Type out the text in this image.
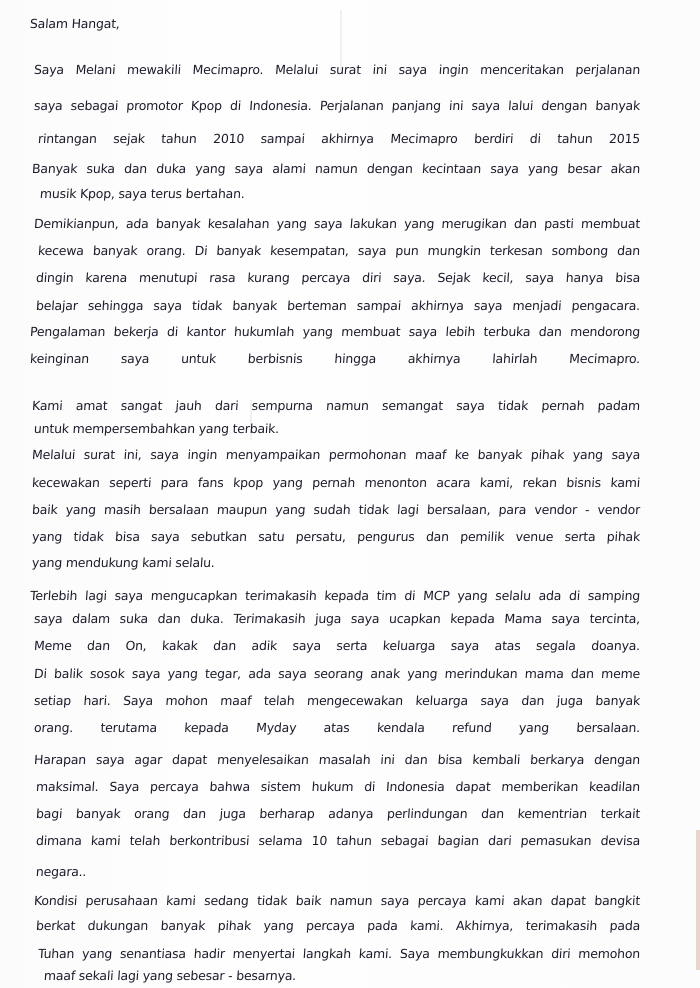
Salam Hangat,
Saya Melani mewakili Mecimapro. Melalui surat ini saya ingin menceritakan perjalanan
saya sebagai promotor Kpop di Indonesia. Perjalanan panjang ini saya lalui dengan banyak
rintangan sejak tahun 2010 sampai akhirnya Mecimapro berdiri di tahun 2015
Banyak suka dan duka yang saya alami namun dengan kecintaan saya yang besar akan
musik Kpop, saya terus bertahan.
Demikianpun, ada banyak kesalahan yang saya lakukan yang merugikan dan pasti membuat
kecewa banyak orang. Di banyak kesempatan, saya pun mungkin terkesan sombong dan
dingin karena menutupi rasa kurang percaya diri saya. Sejak kecil, saya hanya bisa
belajar sehingga saya tidak banyak berteman sampai akhirnya saya menjadi pengacara.
Pengalaman bekerja di kantor hukumlah yang membuat saya lebih terbuka dan mendorong
keinginan saya untuk berbisnis hingga akhirnya lahirlah Mecimapro.
Kami amat sangat jauh dari sempurna namun semangat saya tidak pernah padam
untuk mempersembahkan yang terbaik.
Melalui surat ini, saya ingin menyampaikan permohonan maaf ke banyak pihak yang saya
kecewakan seperti para fans kpop yang pernah menonton acara kami, rekan bisnis kami
baik yang masih bersalaan maupun yang sudah tidak lagi bersalaan, para vendor - vendor
yang tidak bisa saya sebutkan satu persatu, pengurus dan pemilik venue serta pihak
yang mendukung kami selalu.
Terlebih lagi saya mengucapkan terimakasih kepada tim di MCP yang selalu ada di samping
saya dalam suka dan duka. Terimakasih juga saya ucapkan kepada Mama saya tercinta,
Meme dan On, kakak dan adik saya serta keluarga saya atas segala doanya.
Di balik sosok saya yang tegar, ada saya seorang anak yang merindukan mama dan meme
setiap hari. Saya mohon maaf telah mengecewakan keluarga saya dan juga banyak
orang. terutama kepada Myday atas kendala refund yang bersalaan.
Harapan saya agar dapat menyelesaikan masalah ini dan bisa kembali berkarya dengan
maksimal. Saya percaya bahwa sistem hukum di Indonesia dapat memberikan keadilan
bagi banyak orang dan juga berharap adanya perlindungan dan kementrian terkait
dimana kami telah berkontribusi selama 10 tahun sebagai bagian dari pemasukan devisa
negara..
Kondisi perusahaan kami sedang tidak baik namun saya percaya kami akan dapat bangkit
berkat dukungan banyak pihak yang percaya pada kami. Akhirnya, terimakasih pada
Tuhan yang senantiasa hadir menyertai langkah kami. Saya membungkukkan diri memohon
maaf sekali lagi yang sebesar - besarnya.
